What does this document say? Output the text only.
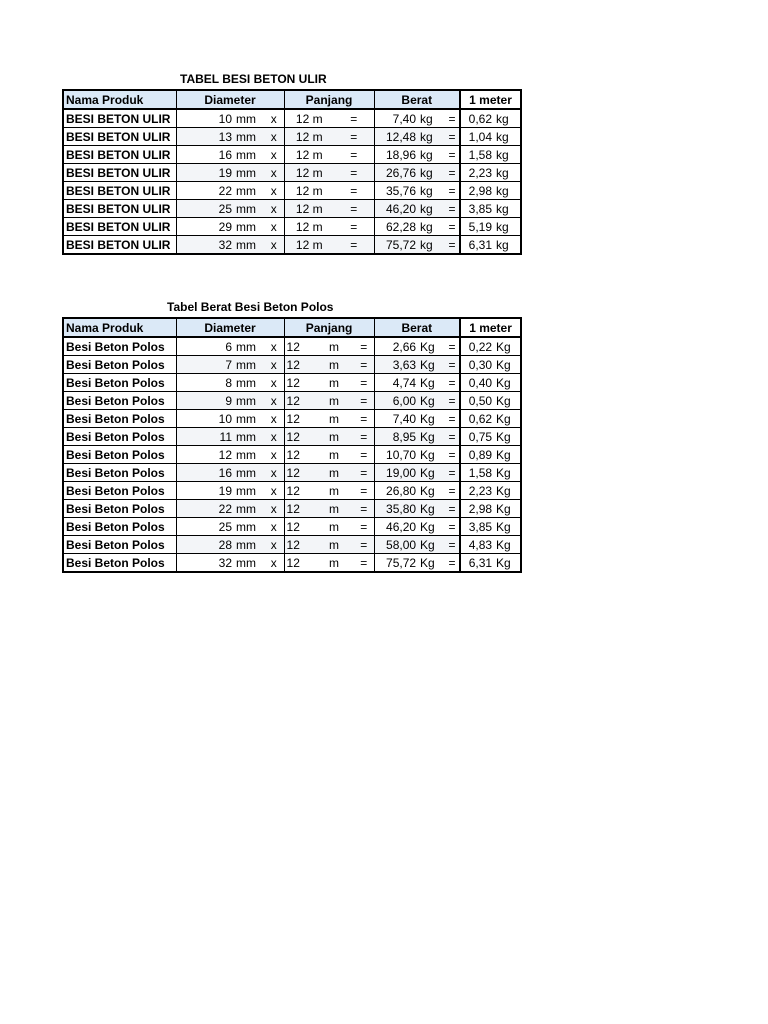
TABEL BESI BETON ULIR
Nama Produk	Diameter			Panjang		Berat			1 meter	
BESI BETON ULIR	10	mm	x	12 m	=	7,40	kg	=	0,62	kg
BESI BETON ULIR	13	mm	x	12 m	=	12,48	kg	=	1,04	kg
BESI BETON ULIR	16	mm	x	12 m	=	18,96	kg	=	1,58	kg
BESI BETON ULIR	19	mm	x	12 m	=	26,76	kg	=	2,23	kg
BESI BETON ULIR	22	mm	x	12 m	=	35,76	kg	=	2,98	kg
BESI BETON ULIR	25	mm	x	12 m	=	46,20	kg	=	3,85	kg
BESI BETON ULIR	29	mm	x	12 m	=	62,28	kg	=	5,19	kg
BESI BETON ULIR	32	mm	x	12 m	=	75,72	kg	=	6,31	kg
Tabel Berat Besi Beton Polos
Nama Produk	Diameter			Panjang			Berat			1 meter	
Besi Beton Polos	6	mm	x	12	m	=	2,66	Kg	=	0,22	Kg
Besi Beton Polos	7	mm	x	12	m	=	3,63	Kg	=	0,30	Kg
Besi Beton Polos	8	mm	x	12	m	=	4,74	Kg	=	0,40	Kg
Besi Beton Polos	9	mm	x	12	m	=	6,00	Kg	=	0,50	Kg
Besi Beton Polos	10	mm	x	12	m	=	7,40	Kg	=	0,62	Kg
Besi Beton Polos	11	mm	x	12	m	=	8,95	Kg	=	0,75	Kg
Besi Beton Polos	12	mm	x	12	m	=	10,70	Kg	=	0,89	Kg
Besi Beton Polos	16	mm	x	12	m	=	19,00	Kg	=	1,58	Kg
Besi Beton Polos	19	mm	x	12	m	=	26,80	Kg	=	2,23	Kg
Besi Beton Polos	22	mm	x	12	m	=	35,80	Kg	=	2,98	Kg
Besi Beton Polos	25	mm	x	12	m	=	46,20	Kg	=	3,85	Kg
Besi Beton Polos	28	mm	x	12	m	=	58,00	Kg	=	4,83	Kg
Besi Beton Polos	32	mm	x	12	m	=	75,72	Kg	=	6,31	Kg
